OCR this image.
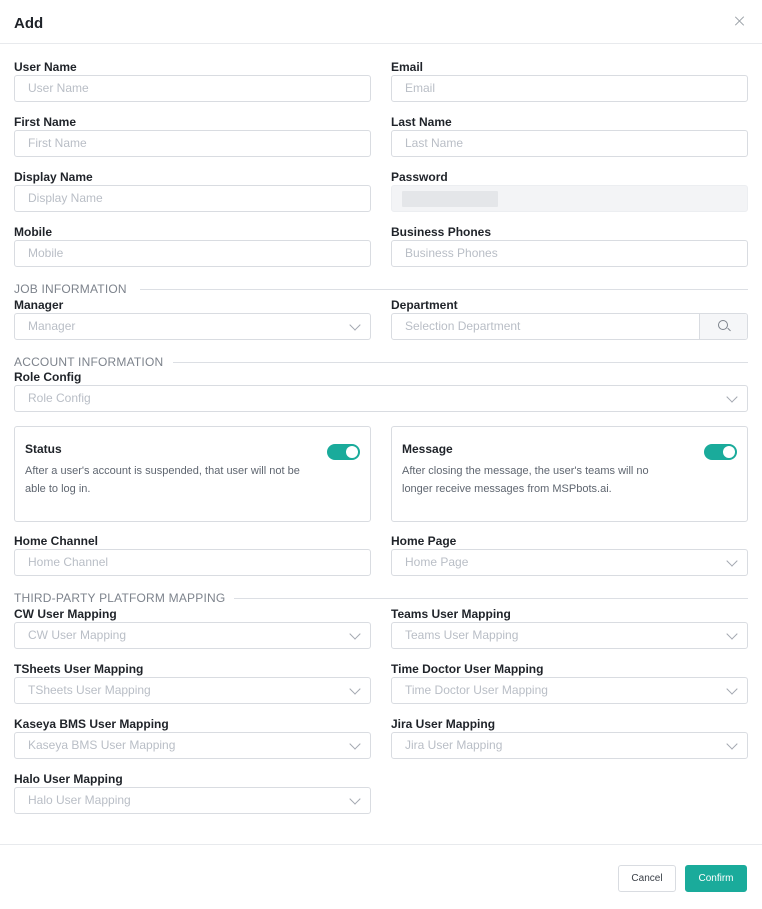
Add
User Name
User Name
Email
Email
First Name
First Name
Last Name
Last Name
Display Name
Display Name
Password
Mobile
Mobile
Business Phones
Business Phones
JOB INFORMATION
Manager
Manager
Department
Selection Department
ACCOUNT INFORMATION
Role Config
Role Config
Status
After a user's account is suspended, that user will not be able to log in.
Message
After closing the message, the user's teams will no longer receive messages from MSPbots.ai.
Home Channel
Home Channel
Home Page
Home Page
THIRD-PARTY PLATFORM MAPPING
CW User Mapping
CW User Mapping
Teams User Mapping
Teams User Mapping
TSheets User Mapping
TSheets User Mapping
Time Doctor User Mapping
Time Doctor User Mapping
Kaseya BMS User Mapping
Kaseya BMS User Mapping
Jira User Mapping
Jira User Mapping
Halo User Mapping
Halo User Mapping
Cancel	Confirm
